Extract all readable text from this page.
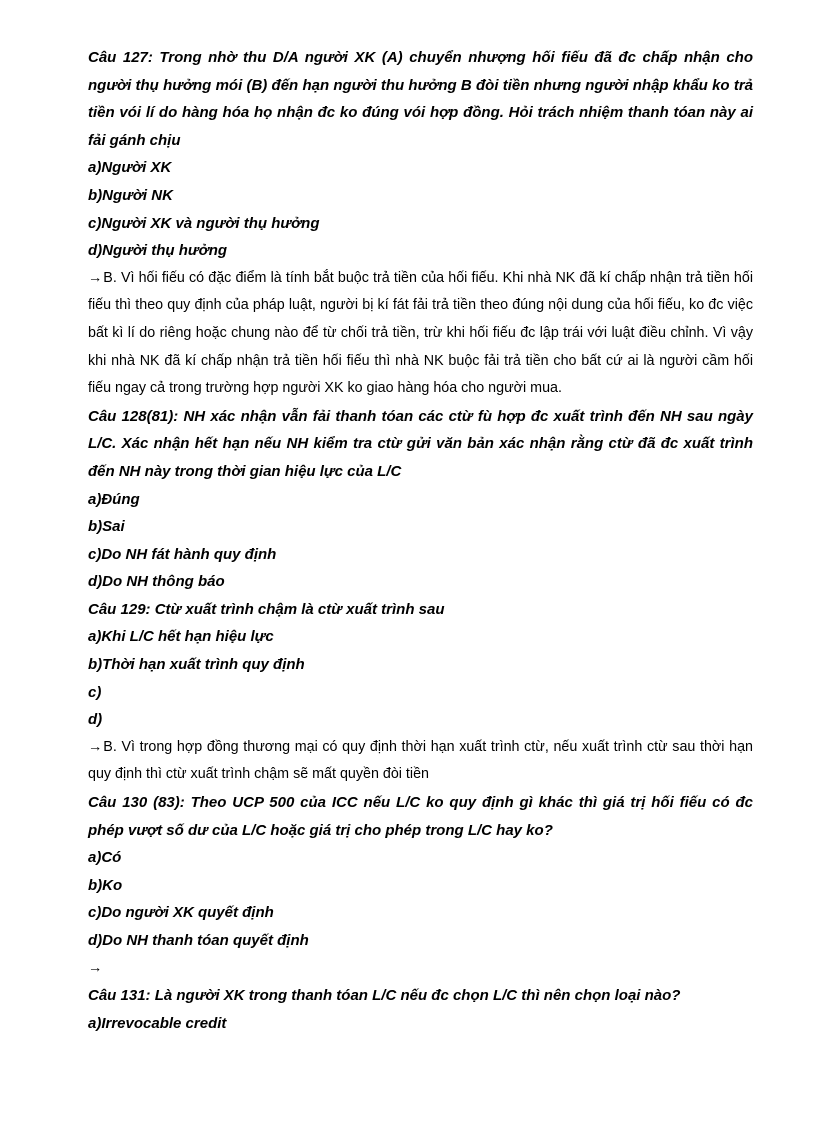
Câu 127: Trong nhờ thu D/A người XK (A) chuyển nhượng hối fiếu đã đc chấp nhận cho người thụ hưởng mói (B) đến hạn người thu hưởng B đòi tiền nhưng người nhập khẩu ko trả tiền vói lí do hàng hóa họ nhận đc ko đúng vói hợp đồng. Hỏi trách nhiệm thanh tóan này ai fải gánh chịu

a)Người XK

b)Người NK

c)Người XK và người thụ hưởng

d)Người thụ hưởng

→B. Vì hối fiếu có đặc điểm là tính bắt buộc trả tiền của hối fiếu. Khi nhà NK đã kí chấp nhận trả tiền hối fiếu thì theo quy định của pháp luật, người bị kí fát fải trả tiền theo đúng nội dung của hối fiếu, ko đc việc bất kì lí do riêng hoặc chung nào để từ chối trả tiền, trừ khi hối fiếu đc lập trái với luật điều chỉnh. Vì vậy khi nhà NK đã kí chấp nhận trả tiền hối fiếu thì nhà NK buộc fải trả tiền cho bất cứ ai là người cầm hối fiếu ngay cả trong trường hợp người XK ko giao hàng hóa cho người mua.

Câu 128(81): NH xác nhận vẫn fải thanh tóan các ctừ fù hợp đc xuất trình đến NH sau ngày L/C. Xác nhận hết hạn nếu NH kiểm tra ctừ gửi văn bản xác nhận rằng ctừ đã đc xuất trình đến NH này trong thời gian hiệu lực của L/C

a)Đúng

b)Sai

c)Do NH fát hành quy định

d)Do NH thông báo

Câu 129: Ctừ xuất trình chậm là ctừ xuất trình sau

a)Khi L/C hết hạn hiệu lực

b)Thời hạn xuất trình quy định

c)

d)

→B. Vì trong hợp đồng thương mại có quy định thời hạn xuất trình ctừ, nếu xuất trình ctừ sau thời hạn quy định thì ctừ xuất trình chậm sẽ mất quyền đòi tiền

Câu 130 (83): Theo UCP 500 của ICC nếu L/C ko quy định gì khác thì giá trị hối fiếu có đc phép vượt số dư của L/C hoặc giá trị cho phép trong L/C hay ko?

a)Có

b)Ko

c)Do người XK quyết định

d)Do NH thanh tóan quyết định

→

Câu 131: Là người XK trong thanh tóan L/C nếu đc chọn L/C thì nên chọn loại nào?

a)Irrevocable credit
